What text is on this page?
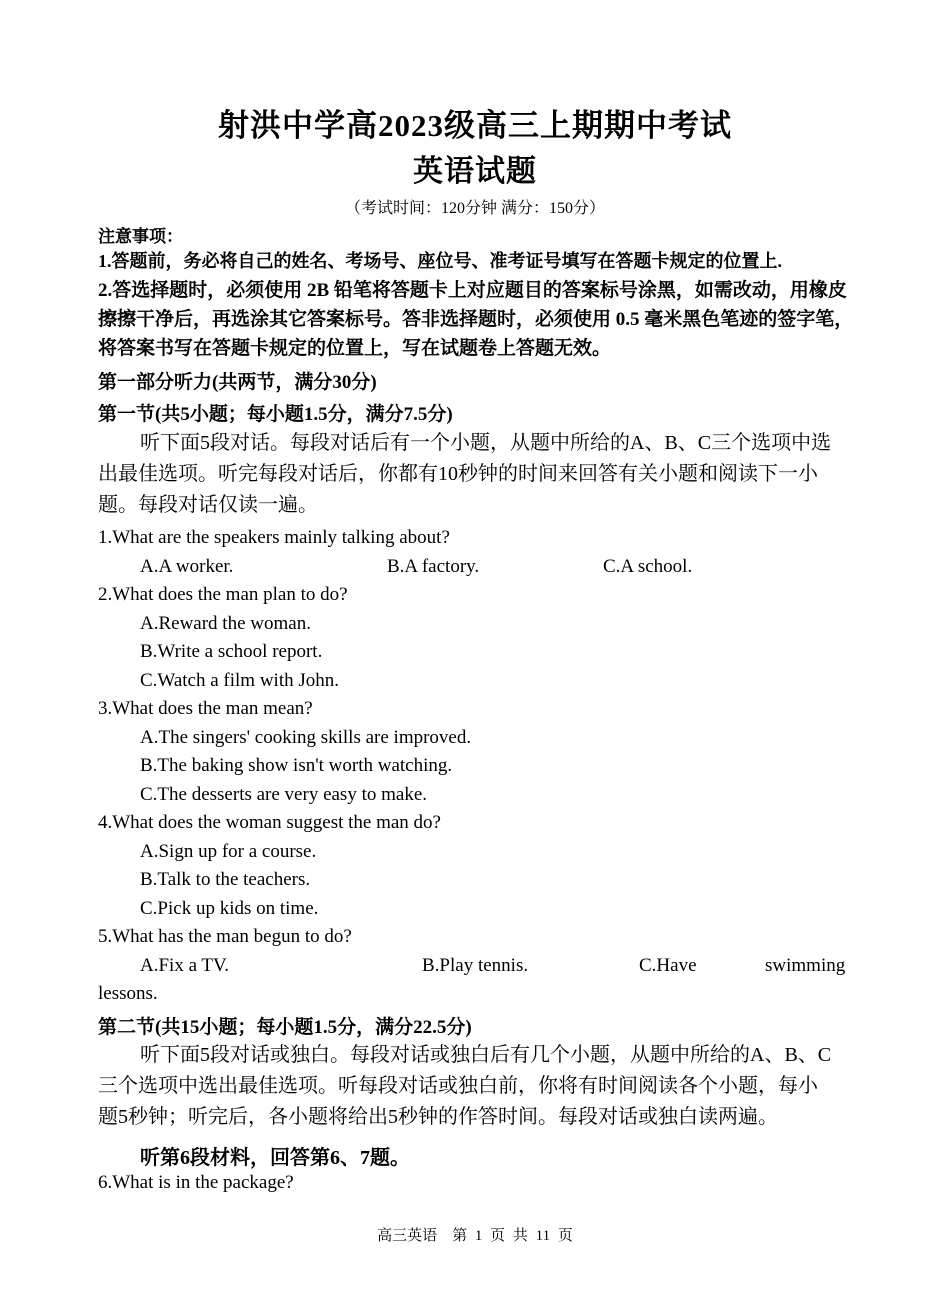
射洪中学高2023级高三上期期中考试
英语试题
（考试时间：120分钟 满分：150分）
注意事项：
1.答题前，务必将自己的姓名、考场号、座位号、准考证号填写在答题卡规定的位置上.
2.答选择题时，必须使用 2B 铅笔将答题卡上对应题目的答案标号涂黑，如需改动，用橡皮
擦擦干净后，再选涂其它答案标号。答非选择题时，必须使用 0.5 毫米黑色笔迹的签字笔，
将答案书写在答题卡规定的位置上，写在试题卷上答题无效。
第一部分听力(共两节，满分30分)
第一节(共5小题；每小题1.5分，满分7.5分)
听下面5段对话。每段对话后有一个小题，从题中所给的A、B、C三个选项中选
出最佳选项。听完每段对话后，你都有10秒钟的时间来回答有关小题和阅读下一小
题。每段对话仅读一遍。
1.What are the speakers mainly talking about?
A.A worker.	B.A factory.	C.A school.
2.What does the man plan to do?
A.Reward the woman.
B.Write a school report.
C.Watch a film with John.
3.What does the man mean?
A.The singers' cooking skills are improved.
B.The baking show isn't worth watching.
C.The desserts are very easy to make.
4.What does the woman suggest the man do?
A.Sign up for a course.
B.Talk to the teachers.
C.Pick up kids on time.
5.What has the man begun to do?
A.Fix a TV.	B.Play tennis.	C.Have	swimming
lessons.
第二节(共15小题；每小题1.5分，满分22.5分)
听下面5段对话或独白。每段对话或独白后有几个小题，从题中所给的A、B、C
三个选项中选出最佳选项。听每段对话或独白前，你将有时间阅读各个小题，每小
题5秒钟；听完后，各小题将给出5秒钟的作答时间。每段对话或独白读两遍。
听第6段材料，回答第6、7题。
6.What is in the package?
高三英语　第 1 页 共 11 页
